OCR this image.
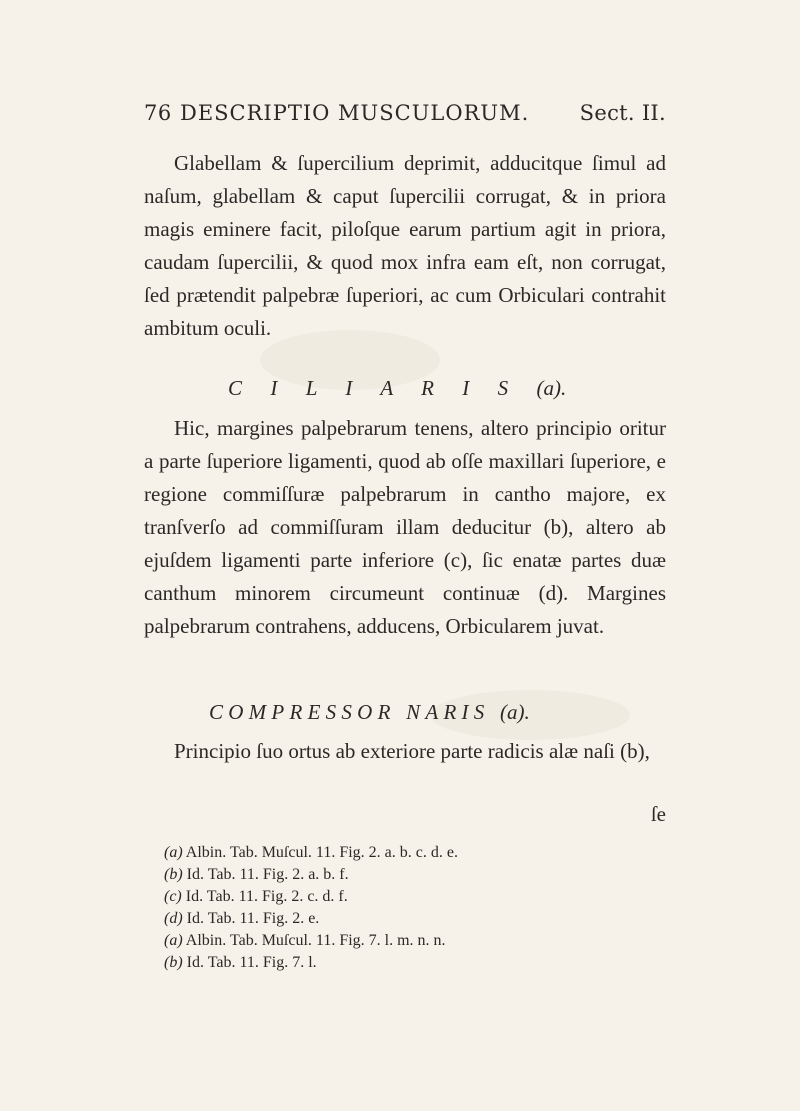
76 DESCRIPTIO MUSCULORUM. Sect. II.

Glabellam & ſupercilium deprimit, adducitque ſimul ad naſum, glabellam & caput ſupercilii corrugat, & in priora magis eminere facit, piloſque earum partium agit in priora, caudam ſupercilii, & quod mox infra eam eſt, non corrugat, ſed prætendit palpebræ ſuperiori, ac cum Orbiculari contrahit ambitum oculi.

C I L I A R I S (a).

Hic, margines palpebrarum tenens, altero principio oritur a parte ſuperiore ligamenti, quod ab oſſe maxillari ſuperiore, e regione commiſſuræ palpebrarum in cantho majore, ex tranſverſo ad commiſſuram illam deducitur (b), altero ab ejuſdem ligamenti parte inferiore (c), ſic enatæ partes duæ canthum minorem circumeunt continuæ (d). Margines palpebrarum contrahens, adducens, Orbicularem juvat.

COMPRESSOR NARIS (a).

Principio ſuo ortus ab exteriore parte radicis alæ naſi (b),

ſe
(a) Albin. Tab. Muſcul. 11. Fig. 2. a. b. c. d. e.
(b) Id. Tab. 11. Fig. 2. a. b. f.
(c) Id. Tab. 11. Fig. 2. c. d. f.
(d) Id. Tab. 11. Fig. 2. e.
(a) Albin. Tab. Muſcul. 11. Fig. 7. l. m. n. n.
(b) Id. Tab. 11. Fig. 7. l.
